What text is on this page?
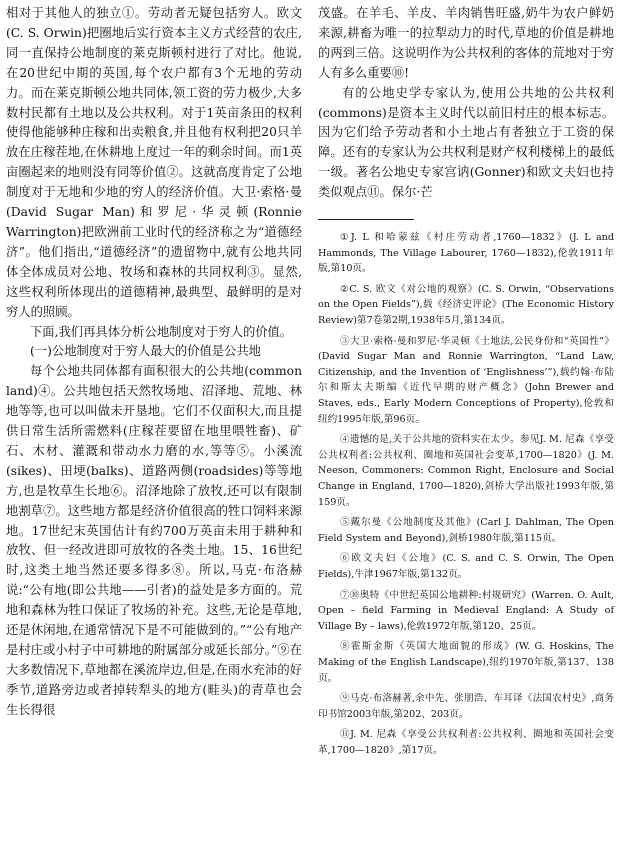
相对于其他人的独立①。劳动者无疑包括穷人。欧文(C. S. Orwin)把圈地后实行资本主义方式经营的农庄,同一直保持公地制度的莱克斯顿村进行了对比。他说,在20世纪中期的英国,每个农户都有3个无地的劳动力。而在莱克斯顿公地共同体,领工资的劳力极少,大多数村民都有土地以及公共权利。对于1英亩条田的权利使得他能够种庄稼和出卖粮食,并且他有权利把20只羊放在庄稼茬地,在休耕地上度过一年的剩余时间。而1英亩圈起来的地则没有同等价值②。这就高度肯定了公地制度对于无地和少地的穷人的经济价值。大卫·索格·曼(David Sugar Man)和罗尼·华灵顿(Ronnie Warrington)把欧洲前工业时代的经济称之为“道德经济”。他们指出,“道德经济”的遗留物中,就有公地共同体全体成员对公地、牧场和森林的共同权利③。显然,这些权利所体现出的道德精神,最典型、最鲜明的是对穷人的照顾。

下面,我们再具体分析公地制度对于穷人的价值。

(一)公地制度对于穷人最大的价值是公共地

每个公地共同体都有面积很大的公共地(common land)④。公共地包括天然牧场地、沼泽地、荒地、林地等等,也可以叫做未开垦地。它们不仅面积大,而且提供日常生活所需燃料(庄稼茬要留在地里喂牲畜)、矿石、木材、灌溉和带动水力磨的水,等等⑤。小溪流(sikes)、田埂(balks)、道路两侧(roadsides)等等地方,也是牧草生长地⑥。沼泽地除了放牧,还可以有限制地割草⑦。这些地方都是经济价值很高的牲口饲料来源地。17世纪末英国估计有约700万英亩未用于耕种和放牧、但一经改进即可放牧的各类土地。15、16世纪时,这类土地当然还要多得多⑧。所以,马克·布洛赫说:“公有地(即公共地——引者)的益处是多方面的。荒地和森林为牲口保证了牧场的补充。这些,无论是草地,还是休闲地,在通常情况下是不可能做到的。”“公有地产是村庄或小村子中可耕地的附属部分或延长部分。”⑨在大多数情况下,草地都在溪流岸边,但是,在雨水充沛的好季节,道路旁边或者掉转犁头的地方(畦头)的青草也会生长得很

茂盛。在羊毛、羊皮、羊肉销售旺盛,奶牛为农户鲜奶来源,耕畜为唯一的拉犁动力的时代,草地的价值是耕地的两到三倍。这说明作为公共权利的客体的荒地对于穷人有多么重要⑩!

有的公地史学专家认为,使用公共地的公共权利(commons)是资本主义时代以前旧村庄的根本标志。因为它们给予劳动者和小土地占有者独立于工资的保障。还有的专家认为公共权利是财产权利楼梯上的最低一级。著名公地史专家宫讷(Gonner)和欧文夫妇也持类似观点⑪。保尔·芒

①J. L 和哈蒙兹《村庄劳动者,1760—1832》(J. L and Hammonds, The Village Labourer, 1760—1832),伦敦1911年版,第10页。

②C. S. 欧文《对公地的观察》(C. S. Orwin, “Observations on the Open Fields”),载《经济史评论》(The Economic History Review)第7卷第2期,1938年5月,第134页。

③大卫·索格·曼和罗尼·华灵顿《土地法,公民身份和“英国性”》(David Sugar Man and Ronnie Warrington, “Land Law, Citizenship, and the Invention of ‘Englishness’”),载约翰·布陆尔和斯太夫斯编《近代早期的财产概念》(John Brewer and Staves, eds., Early Modern Conceptions of Property),伦敦和纽约1995年版,第96页。

④遗憾的是,关于公共地的资料实在太少。参见J. M. 尼森《享受公共权利者:公共权利、圈地和英国社会变革,1700—1820》(J. M. Neeson, Commoners: Common Right, Enclosure and Social Change in England, 1700—1820),剑桥大学出版社1993年版,第159页。

⑤戴尔曼《公地制度及其他》(Carl J. Dahlman, The Open Field System and Beyond),剑桥1980年版,第115页。

⑥欧文夫妇《公地》(C. S. and C. S. Orwin, The Open Fields),牛津1967年版,第132页。

⑦⑩奥特《中世纪英国公地耕种:村规研究》(Warren. O. Ault, Open – field Farming in Medieval England: A Study of Village By – laws),伦敦1972年版,第120、25页。

⑧霍斯金斯《英国大地面貌的形成》(W. G. Hoskins, The Making of the English Landscape),纽约1970年版,第137、138页。

⑨马克·布洛赫著,余中先、张朋浩、车耳译《法国农村史》,商务印书馆2003年版,第202、203页。

⑪J. M. 尼森《享受公共权利者:公共权利、圈地和英国社会变革,1700—1820》,第17页。
